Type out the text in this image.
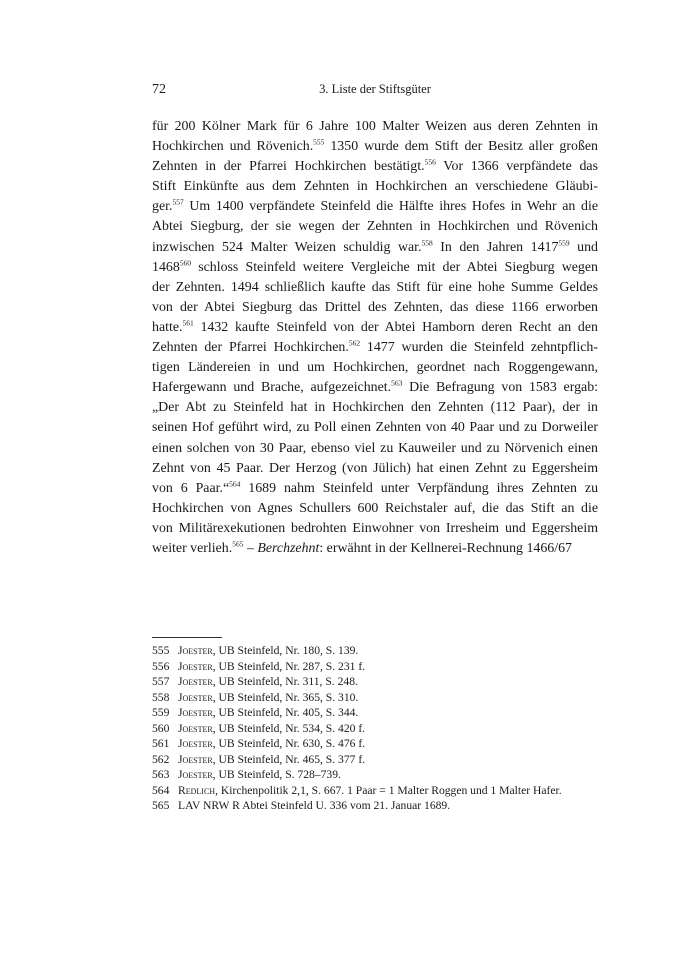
72	3. Liste der Stiftsgüter
für 200 Kölner Mark für 6 Jahre 100 Malter Weizen aus deren Zehnten in
Hochkirchen und Rövenich.$^{555}$ 1350 wurde dem Stift der Besitz aller großen
Zehnten in der Pfarrei Hochkirchen bestätigt.$^{556}$ Vor 1366 verpfändete das
Stift Einkünfte aus dem Zehnten in Hochkirchen an verschiedene Gläubi-
ger.$^{557}$ Um 1400 verpfändete Steinfeld die Hälfte ihres Hofes in Wehr an die
Abtei Siegburg, der sie wegen der Zehnten in Hochkirchen und Rövenich
inzwischen 524 Malter Weizen schuldig war.$^{558}$ In den Jahren 1417$^{559}$ und
1468$^{560}$ schloss Steinfeld weitere Vergleiche mit der Abtei Siegburg wegen
der Zehnten. 1494 schließlich kaufte das Stift für eine hohe Summe Geldes
von der Abtei Siegburg das Drittel des Zehnten, das diese 1166 erworben
hatte.$^{561}$ 1432 kaufte Steinfeld von der Abtei Hamborn deren Recht an den
Zehnten der Pfarrei Hochkirchen.$^{562}$ 1477 wurden die Steinfeld zehntpflich-
tigen Ländereien in und um Hochkirchen, geordnet nach Roggengewann,
Hafergewann und Brache, aufgezeichnet.$^{563}$ Die Befragung von 1583 ergab:
„Der Abt zu Steinfeld hat in Hochkirchen den Zehnten (112 Paar), der in
seinen Hof geführt wird, zu Poll einen Zehnten von 40 Paar und zu Dorweiler
einen solchen von 30 Paar, ebenso viel zu Kauweiler und zu Nörvenich einen
Zehnt von 45 Paar. Der Herzog (von Jülich) hat einen Zehnt zu Eggersheim
von 6 Paar.“$^{564}$ 1689 nahm Steinfeld unter Verpfändung ihres Zehnten zu
Hochkirchen von Agnes Schullers 600 Reichstaler auf, die das Stift an die
von Militärexekutionen bedrohten Einwohner von Irresheim und Eggersheim
weiter verlieh.$^{565}$ – Berchzehnt: erwähnt in der Kellnerei-Rechnung 1466/67
555 Joester, UB Steinfeld, Nr. 180, S. 139.
556 Joester, UB Steinfeld, Nr. 287, S. 231 f.
557 Joester, UB Steinfeld, Nr. 311, S. 248.
558 Joester, UB Steinfeld, Nr. 365, S. 310.
559 Joester, UB Steinfeld, Nr. 405, S. 344.
560 Joester, UB Steinfeld, Nr. 534, S. 420 f.
561 Joester, UB Steinfeld, Nr. 630, S. 476 f.
562 Joester, UB Steinfeld, Nr. 465, S. 377 f.
563 Joester, UB Steinfeld, S. 728–739.
564 Redlich, Kirchenpolitik 2,1, S. 667. 1 Paar = 1 Malter Roggen und 1 Malter Hafer.
565 LAV NRW R Abtei Steinfeld U. 336 vom 21. Januar 1689.
